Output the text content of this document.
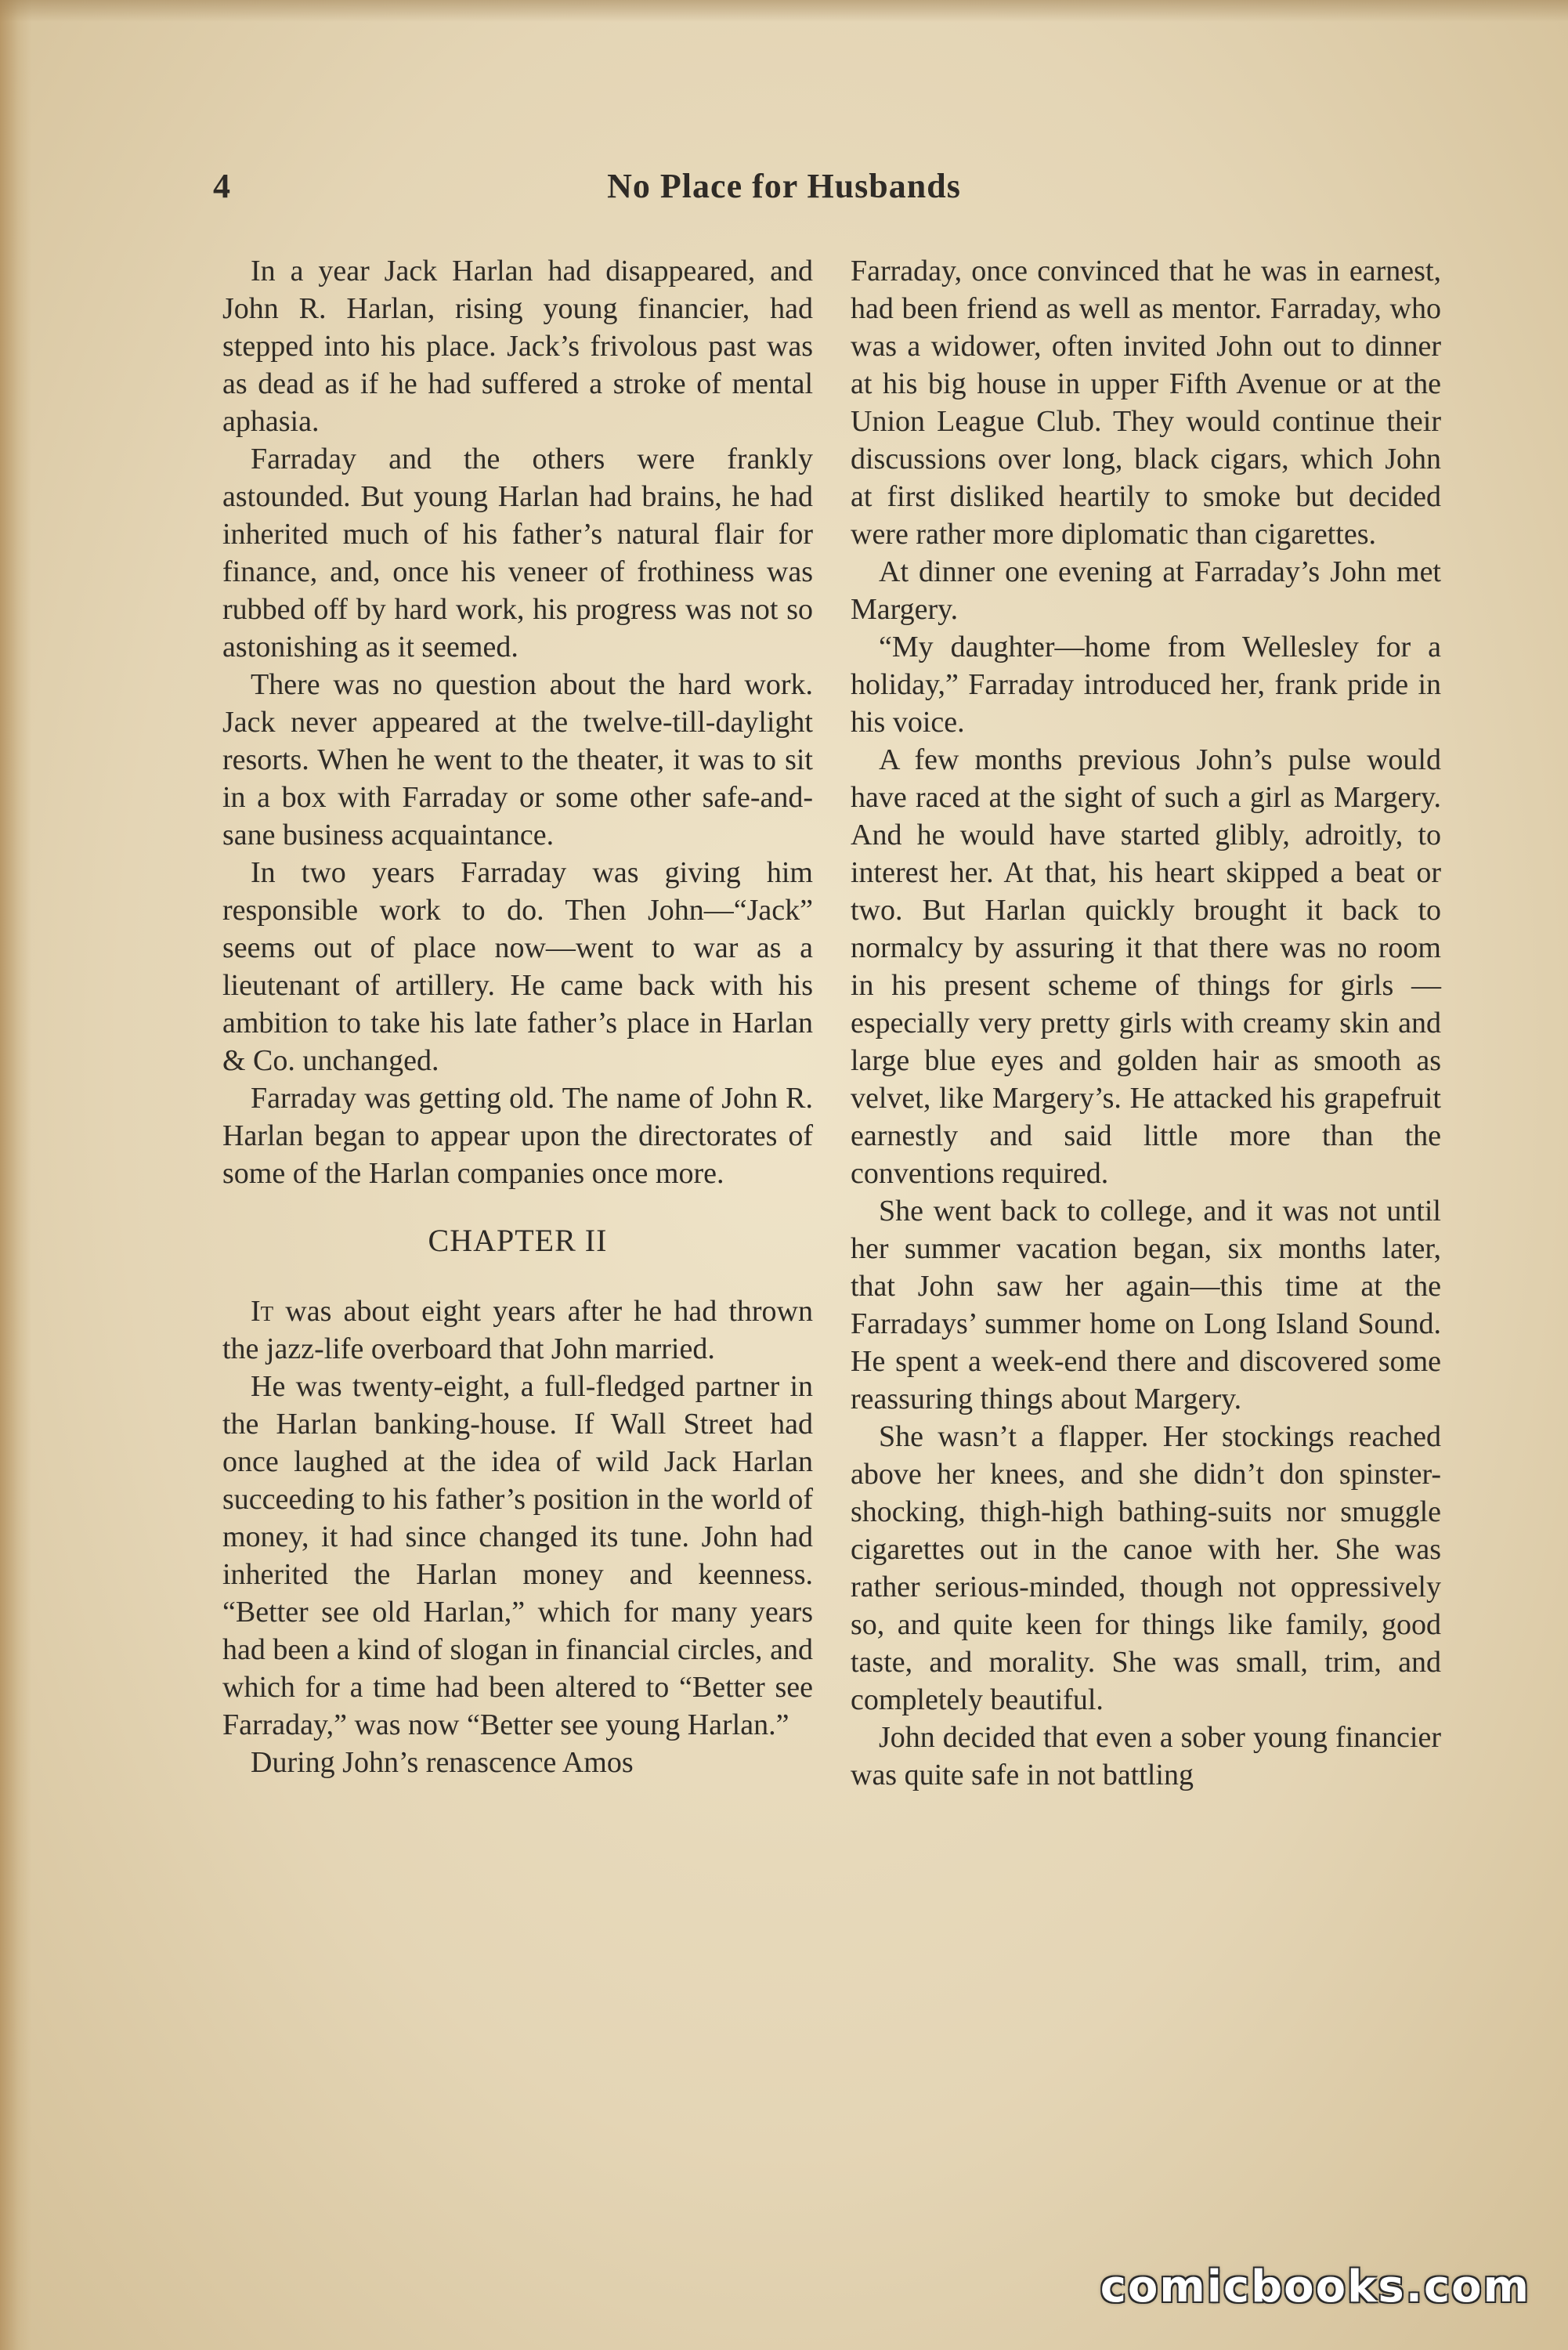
4	No Place for Husbands

In a year Jack Harlan had disappeared, and John R. Harlan, rising young financier, had stepped into his place. Jack’s frivolous past was as dead as if he had suffered a stroke of mental aphasia.

Farraday and the others were frankly astounded. But young Harlan had brains, he had inherited much of his father’s natural flair for finance, and, once his veneer of frothiness was rubbed off by hard work, his progress was not so astonishing as it seemed.

There was no question about the hard work. Jack never appeared at the twelve-till-daylight resorts. When he went to the theater, it was to sit in a box with Farraday or some other safe-and-sane business acquaintance.

In two years Farraday was giving him responsible work to do. Then John—“Jack” seems out of place now—went to war as a lieutenant of artillery. He came back with his ambition to take his late father’s place in Harlan & Co. unchanged.

Farraday was getting old. The name of John R. Harlan began to appear upon the directorates of some of the Harlan companies once more.

CHAPTER II

It was about eight years after he had thrown the jazz-life overboard that John married.

He was twenty-eight, a full-fledged partner in the Harlan banking-house. If Wall Street had once laughed at the idea of wild Jack Harlan succeeding to his father’s position in the world of money, it had since changed its tune. John had inherited the Harlan money and keenness. “Better see old Harlan,” which for many years had been a kind of slogan in financial circles, and which for a time had been altered to “Better see Farraday,” was now “Better see young Harlan.”

During John’s renascence Amos

Farraday, once convinced that he was in earnest, had been friend as well as mentor. Farraday, who was a widower, often invited John out to dinner at his big house in upper Fifth Avenue or at the Union League Club. They would continue their discussions over long, black cigars, which John at first disliked heartily to smoke but decided were rather more diplomatic than cigarettes.

At dinner one evening at Farraday’s John met Margery.

“My daughter—home from Wellesley for a holiday,” Farraday introduced her, frank pride in his voice.

A few months previous John’s pulse would have raced at the sight of such a girl as Margery. And he would have started glibly, adroitly, to interest her. At that, his heart skipped a beat or two. But Harlan quickly brought it back to normalcy by assuring it that there was no room in his present scheme of things for girls — especially very pretty girls with creamy skin and large blue eyes and golden hair as smooth as velvet, like Margery’s. He attacked his grapefruit earnestly and said little more than the conventions required.

She went back to college, and it was not until her summer vacation began, six months later, that John saw her again—this time at the Farradays’ summer home on Long Island Sound. He spent a week-end there and discovered some reassuring things about Margery.

She wasn’t a flapper. Her stockings reached above her knees, and she didn’t don spinster-shocking, thigh-high bathing-suits nor smuggle cigarettes out in the canoe with her. She was rather serious-minded, though not oppressively so, and quite keen for things like family, good taste, and morality. She was small, trim, and completely beautiful.

John decided that even a sober young financier was quite safe in not battling

comicbooks.com
